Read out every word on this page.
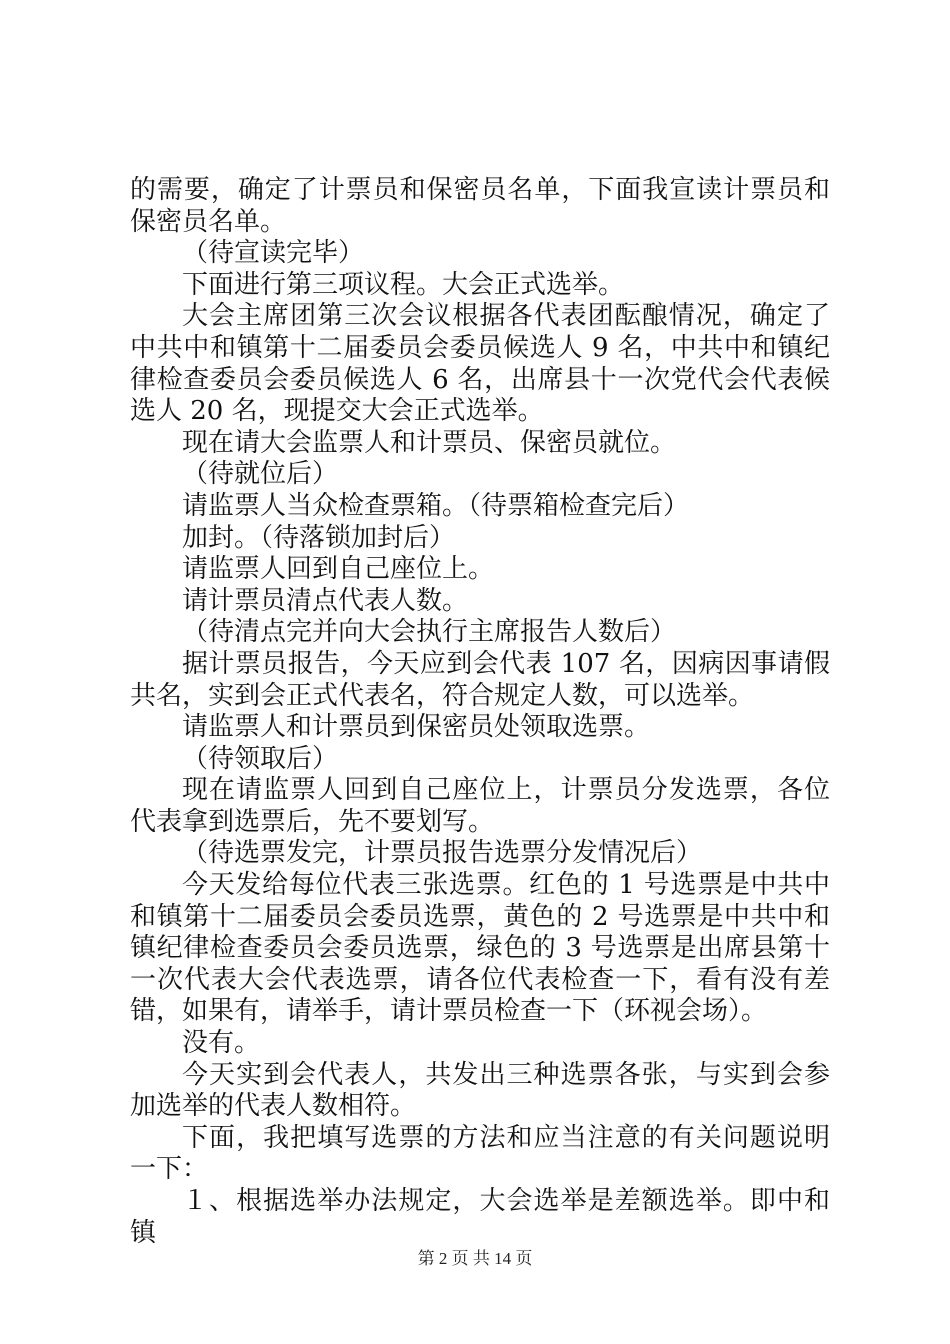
的需要，确定了计票员和保密员名单，下面我宣读计票员和保密员名单。

（待宣读完毕）

下面进行第三项议程。大会正式选举。

大会主席团第三次会议根据各代表团酝酿情况，确定了中共中和镇第十二届委员会委员候选人 9 名，中共中和镇纪律检查委员会委员候选人 6 名，出席县十一次党代会代表候选人 20 名，现提交大会正式选举。

现在请大会监票人和计票员、保密员就位。

（待就位后）

请监票人当众检查票箱。（待票箱检查完后）

加封。（待落锁加封后）

请监票人回到自己座位上。

请计票员清点代表人数。

（待清点完并向大会执行主席报告人数后）

据计票员报告，今天应到会代表 107 名，因病因事请假共名，实到会正式代表名，符合规定人数，可以选举。

请监票人和计票员到保密员处领取选票。

（待领取后）

现在请监票人回到自己座位上，计票员分发选票，各位代表拿到选票后，先不要划写。

（待选票发完，计票员报告选票分发情况后）

今天发给每位代表三张选票。红色的 1 号选票是中共中和镇第十二届委员会委员选票，黄色的 2 号选票是中共中和镇纪律检查委员会委员选票，绿色的 3 号选票是出席县第十一次代表大会代表选票，请各位代表检查一下，看有没有差错，如果有，请举手，请计票员检查一下（环视会场）。

没有。

今天实到会代表人，共发出三种选票各张，与实到会参加选举的代表人数相符。

下面，我把填写选票的方法和应当注意的有关问题说明一下：

１、根据选举办法规定，大会选举是差额选举。即中和镇

第 2 页 共 14 页
